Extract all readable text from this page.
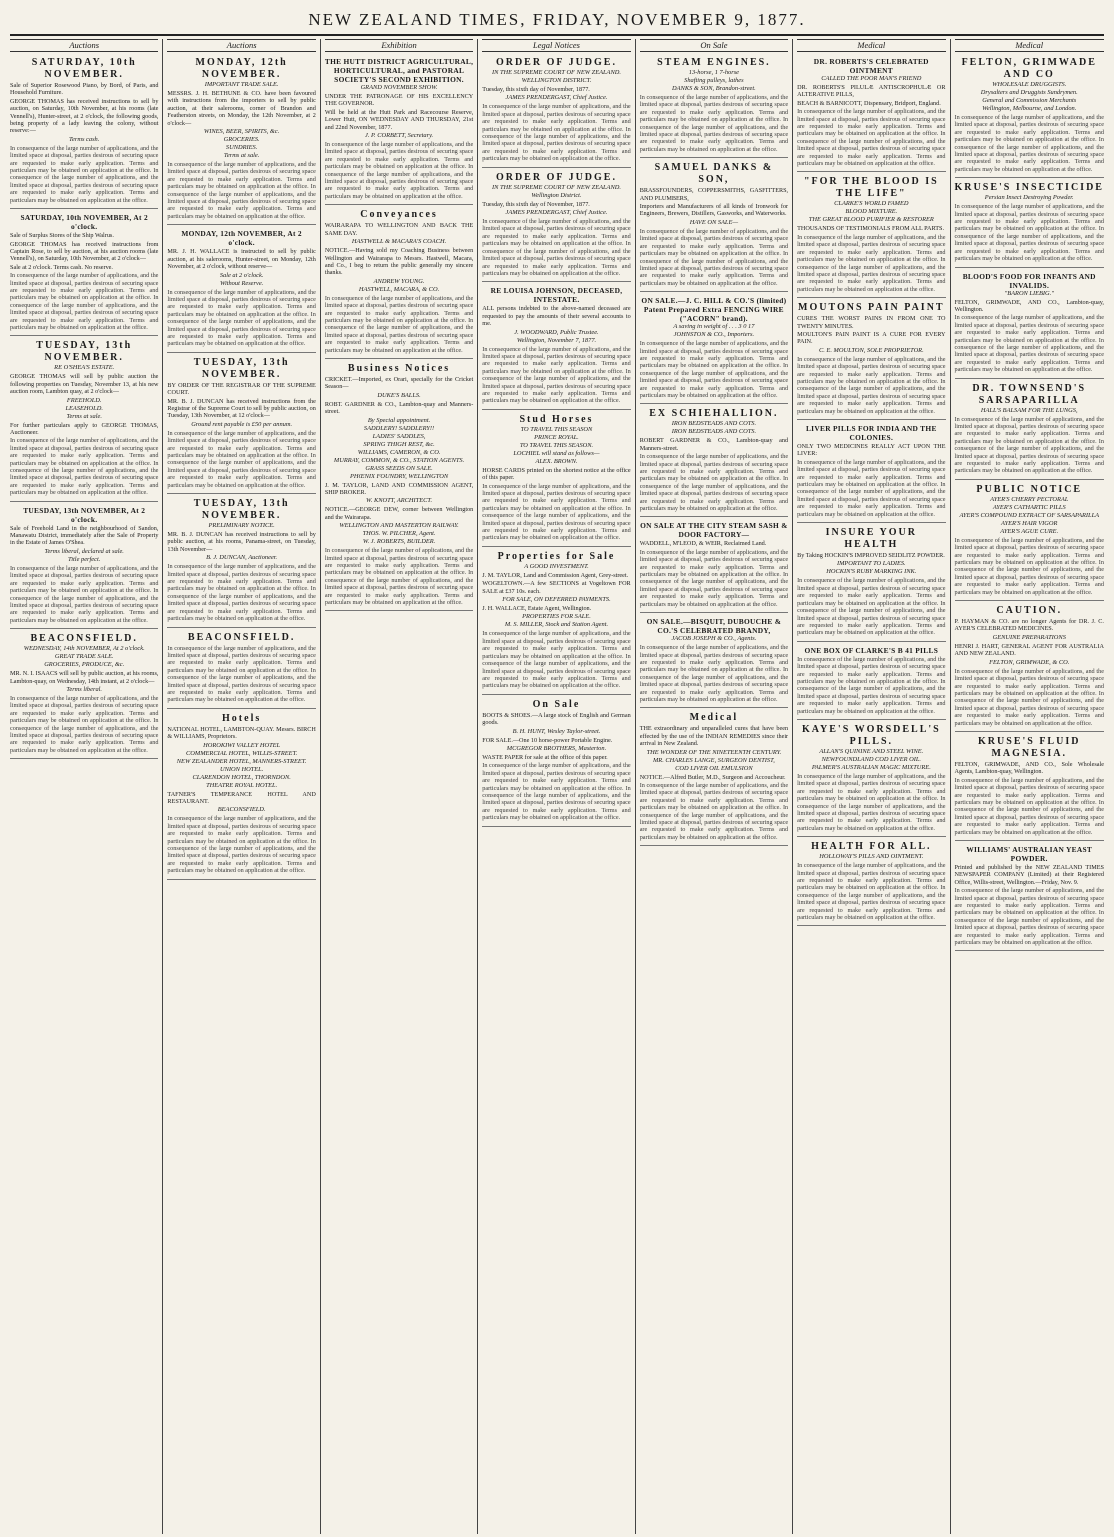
NEW ZEALAND TIMES, FRIDAY, NOVEMBER 9, 1877.
Auctions
SATURDAY, 10th NOVEMBER.
Sale of Superior Rosewood Piano, by Bord, of Paris, and Household Furniture.
GEORGE THOMAS has received instructions to sell by auction, on Saturday, 10th November, at his rooms (late Vennell's), Hunter-street, at 2 o'clock, the following goods, being property of a lady leaving the colony, without reserve:—
Terms cash.
In consequence of the large number of applications, and the limited space at disposal, parties desirous of securing space are requested to make early application. Terms and particulars may be obtained on application at the office. In consequence of the large number of applications, and the limited space at disposal, parties desirous of securing space are requested to make early application. Terms and particulars may be obtained on application at the office.
SATURDAY, 10th NOVEMBER, At 2 o'clock.
Sale of Surplus Stores of the Ship Walrus.
GEORGE THOMAS has received instructions from Captain Rose, to sell by auction, at his auction rooms (late Vennell's), on Saturday, 10th November, at 2 o'clock—
Sale at 2 o'clock. Terms cash. No reserve.
In consequence of the large number of applications, and the limited space at disposal, parties desirous of securing space are requested to make early application. Terms and particulars may be obtained on application at the office. In consequence of the large number of applications, and the limited space at disposal, parties desirous of securing space are requested to make early application. Terms and particulars may be obtained on application at the office.
TUESDAY, 13th NOVEMBER.
RE O'SHEA'S ESTATE.
GEORGE THOMAS will sell by public auction the following properties on Tuesday, November 13, at his new auction room, Lambton quay, at 2 o'clock—
FREEHOLD.
LEASEHOLD.
Terms at sale.
For further particulars apply to GEORGE THOMAS, Auctioneer.
In consequence of the large number of applications, and the limited space at disposal, parties desirous of securing space are requested to make early application. Terms and particulars may be obtained on application at the office. In consequence of the large number of applications, and the limited space at disposal, parties desirous of securing space are requested to make early application. Terms and particulars may be obtained on application at the office.
TUESDAY, 13th NOVEMBER, At 2 o'clock.
Sale of Freehold Land in the neighbourhood of Sandon, Manawatu District, immediately after the Sale of Property in the Estate of James O'Shea.
Terms liberal, declared at sale.
Title perfect.
In consequence of the large number of applications, and the limited space at disposal, parties desirous of securing space are requested to make early application. Terms and particulars may be obtained on application at the office. In consequence of the large number of applications, and the limited space at disposal, parties desirous of securing space are requested to make early application. Terms and particulars may be obtained on application at the office.
BEACONSFIELD.
WEDNESDAY, 14th NOVEMBER, At 2 o'clock.
GREAT TRADE SALE.
GROCERIES, PRODUCE, &c.
MR. N. I. ISAACS will sell by public auction, at his rooms, Lambton-quay, on Wednesday, 14th instant, at 2 o'clock—
Terms liberal.
In consequence of the large number of applications, and the limited space at disposal, parties desirous of securing space are requested to make early application. Terms and particulars may be obtained on application at the office. In consequence of the large number of applications, and the limited space at disposal, parties desirous of securing space are requested to make early application. Terms and particulars may be obtained on application at the office.
Auctions
MONDAY, 12th NOVEMBER.
IMPORTANT TRADE SALE.
MESSRS. J. H. BETHUNE & CO. have been favoured with instructions from the importers to sell by public auction, at their salerooms, corner of Brandon and Featherston streets, on Monday, the 12th November, at 2 o'clock—
WINES, BEER, SPIRITS, &c.
GROCERIES.
SUNDRIES.
Terms at sale.
In consequence of the large number of applications, and the limited space at disposal, parties desirous of securing space are requested to make early application. Terms and particulars may be obtained on application at the office. In consequence of the large number of applications, and the limited space at disposal, parties desirous of securing space are requested to make early application. Terms and particulars may be obtained on application at the office.
MONDAY, 12th NOVEMBER, At 2 o'clock.
MR. J. H. WALLACE is instructed to sell by public auction, at his salerooms, Hunter-street, on Monday, 12th November, at 2 o'clock, without reserve—
Sale at 2 o'clock.
Without Reserve.
In consequence of the large number of applications, and the limited space at disposal, parties desirous of securing space are requested to make early application. Terms and particulars may be obtained on application at the office. In consequence of the large number of applications, and the limited space at disposal, parties desirous of securing space are requested to make early application. Terms and particulars may be obtained on application at the office.
TUESDAY, 13th NOVEMBER.
BY ORDER OF THE REGISTRAR OF THE SUPREME COURT.
MR. B. J. DUNCAN has received instructions from the Registrar of the Supreme Court to sell by public auction, on Tuesday, 13th November, at 12 o'clock—
Ground rent payable is £50 per annum.
In consequence of the large number of applications, and the limited space at disposal, parties desirous of securing space are requested to make early application. Terms and particulars may be obtained on application at the office. In consequence of the large number of applications, and the limited space at disposal, parties desirous of securing space are requested to make early application. Terms and particulars may be obtained on application at the office.
TUESDAY, 13th NOVEMBER.
PRELIMINARY NOTICE.
MR. B. J. DUNCAN has received instructions to sell by public auction, at his rooms, Panama-street, on Tuesday, 13th November—
B. J. DUNCAN, Auctioneer.
In consequence of the large number of applications, and the limited space at disposal, parties desirous of securing space are requested to make early application. Terms and particulars may be obtained on application at the office. In consequence of the large number of applications, and the limited space at disposal, parties desirous of securing space are requested to make early application. Terms and particulars may be obtained on application at the office.
BEACONSFIELD.
In consequence of the large number of applications, and the limited space at disposal, parties desirous of securing space are requested to make early application. Terms and particulars may be obtained on application at the office. In consequence of the large number of applications, and the limited space at disposal, parties desirous of securing space are requested to make early application. Terms and particulars may be obtained on application at the office.
Hotels
NATIONAL HOTEL, LAMBTON-QUAY. Messrs. BIRCH & WILLIAMS, Proprietors.
HOROKIWI VALLEY HOTEL
COMMERCIAL HOTEL, WILLIS-STREET.
NEW ZEALANDER HOTEL, MANNERS-STREET.
UNION HOTEL.
CLARENDON HOTEL, THORNDON.
THEATRE ROYAL HOTEL.
TAFNER'S TEMPERANCE HOTEL AND RESTAURANT.
BEACONSFIELD.
In consequence of the large number of applications, and the limited space at disposal, parties desirous of securing space are requested to make early application. Terms and particulars may be obtained on application at the office. In consequence of the large number of applications, and the limited space at disposal, parties desirous of securing space are requested to make early application. Terms and particulars may be obtained on application at the office.
Exhibition
THE HUTT DISTRICT AGRICULTURAL, HORTICULTURAL, and PASTORAL SOCIETY'S SECOND EXHIBITION.
GRAND NOVEMBER SHOW.
UNDER THE PATRONAGE OF HIS EXCELLENCY THE GOVERNOR.
Will be held at the Hutt Park and Racecourse Reserve, Lower Hutt, ON WEDNESDAY AND THURSDAY, 21st and 22nd November, 1877.
J. P. CORBETT, Secretary.
In consequence of the large number of applications, and the limited space at disposal, parties desirous of securing space are requested to make early application. Terms and particulars may be obtained on application at the office. In consequence of the large number of applications, and the limited space at disposal, parties desirous of securing space are requested to make early application. Terms and particulars may be obtained on application at the office.
Conveyances
WAIRARAPA TO WELLINGTON AND BACK THE SAME DAY.
HASTWELL & MACARA'S COACH.
NOTICE.—Having sold my Coaching Business between Wellington and Wairarapa to Messrs. Hastwell, Macara, and Co., I beg to return the public generally my sincere thanks.
ANDREW YOUNG.
HASTWELL, MACARA, & CO.
In consequence of the large number of applications, and the limited space at disposal, parties desirous of securing space are requested to make early application. Terms and particulars may be obtained on application at the office. In consequence of the large number of applications, and the limited space at disposal, parties desirous of securing space are requested to make early application. Terms and particulars may be obtained on application at the office.
Business Notices
CRICKET.—Imported, ex Orari, specially for the Cricket Season—
DUKE'S BALLS.
ROBT. GARDNER & CO., Lambton-quay and Manners-street.
By Special appointment.
SADDLERY! SADDLERY!!
LADIES' SADDLES,
SPRING THIGH REST, &c.
WILLIAMS, CAMERON, & CO.
MURRAY, COMMON, & CO., STATION AGENTS.
GRASS SEEDS ON SALE.
PHŒNIX FOUNDRY, WELLINGTON
J. M. TAYLOR, LAND AND COMMISSION AGENT, SHIP BROKER.
W. KNOTT, ARCHITECT.
NOTICE.—GEORGE DEW, corner between Wellington and the Wairarapa.
WELLINGTON AND MASTERTON RAILWAY.
THOS. W. PILCHER, Agent.
W. J. ROBERTS, BUILDER.
In consequence of the large number of applications, and the limited space at disposal, parties desirous of securing space are requested to make early application. Terms and particulars may be obtained on application at the office. In consequence of the large number of applications, and the limited space at disposal, parties desirous of securing space are requested to make early application. Terms and particulars may be obtained on application at the office.
Legal Notices
ORDER OF JUDGE.
IN THE SUPREME COURT OF NEW ZEALAND.
WELLINGTON DISTRICT.
Tuesday, this sixth day of November, 1877.
JAMES PRENDERGAST, Chief Justice.
In consequence of the large number of applications, and the limited space at disposal, parties desirous of securing space are requested to make early application. Terms and particulars may be obtained on application at the office. In consequence of the large number of applications, and the limited space at disposal, parties desirous of securing space are requested to make early application. Terms and particulars may be obtained on application at the office.
ORDER OF JUDGE.
IN THE SUPREME COURT OF NEW ZEALAND.
Wellington District.
Tuesday, this sixth day of November, 1877.
JAMES PRENDERGAST, Chief Justice.
In consequence of the large number of applications, and the limited space at disposal, parties desirous of securing space are requested to make early application. Terms and particulars may be obtained on application at the office. In consequence of the large number of applications, and the limited space at disposal, parties desirous of securing space are requested to make early application. Terms and particulars may be obtained on application at the office.
RE LOUISA JOHNSON, DECEASED, INTESTATE.
ALL persons indebted to the above-named deceased are requested to pay the amounts of their several accounts to me.
J. WOODWARD, Public Trustee.
Wellington, November 7, 1877.
In consequence of the large number of applications, and the limited space at disposal, parties desirous of securing space are requested to make early application. Terms and particulars may be obtained on application at the office. In consequence of the large number of applications, and the limited space at disposal, parties desirous of securing space are requested to make early application. Terms and particulars may be obtained on application at the office.
Stud Horses
TO TRAVEL THIS SEASON
PRINCE ROYAL.
TO TRAVEL THIS SEASON.
LOCHIEL will stand as follows—
ALEX. BROWN.
HORSE CARDS printed on the shortest notice at the office of this paper.
In consequence of the large number of applications, and the limited space at disposal, parties desirous of securing space are requested to make early application. Terms and particulars may be obtained on application at the office. In consequence of the large number of applications, and the limited space at disposal, parties desirous of securing space are requested to make early application. Terms and particulars may be obtained on application at the office.
Properties for Sale
A GOOD INVESTMENT.
J. M. TAYLOR, Land and Commission Agent, Grey-street.
WOGELTOWN.—A few SECTIONS at Vogeltown FOR SALE at £37 10s. each.
FOR SALE, ON DEFERRED PAYMENTS.
J. H. WALLACE, Estate Agent, Wellington.
PROPERTIES FOR SALE.
M. S. MILLER, Stock and Station Agent.
In consequence of the large number of applications, and the limited space at disposal, parties desirous of securing space are requested to make early application. Terms and particulars may be obtained on application at the office. In consequence of the large number of applications, and the limited space at disposal, parties desirous of securing space are requested to make early application. Terms and particulars may be obtained on application at the office.
On Sale
BOOTS & SHOES.—A large stock of English and German goods.
B. H. HUNT, Wesley Taylor-street.
FOR SALE.—One 10 horse-power Portable Engine.
MCGREGOR BROTHERS, Masterton.
WASTE PAPER for sale at the office of this paper.
In consequence of the large number of applications, and the limited space at disposal, parties desirous of securing space are requested to make early application. Terms and particulars may be obtained on application at the office. In consequence of the large number of applications, and the limited space at disposal, parties desirous of securing space are requested to make early application. Terms and particulars may be obtained on application at the office.
On Sale
STEAM ENGINES.
13-horse, 1 7-horse
Shafting pulleys, lathes
DANKS & SON, Brandon-street.
In consequence of the large number of applications, and the limited space at disposal, parties desirous of securing space are requested to make early application. Terms and particulars may be obtained on application at the office. In consequence of the large number of applications, and the limited space at disposal, parties desirous of securing space are requested to make early application. Terms and particulars may be obtained on application at the office.
SAMUEL DANKS & SON,
BRASSFOUNDERS, COPPERSMITHS, GASFITTERS, AND PLUMBERS,
Importers and Manufacturers of all kinds of Ironwork for Engineers, Brewers, Distillers, Gasworks, and Waterworks.
HAVE ON SALE—
In consequence of the large number of applications, and the limited space at disposal, parties desirous of securing space are requested to make early application. Terms and particulars may be obtained on application at the office. In consequence of the large number of applications, and the limited space at disposal, parties desirous of securing space are requested to make early application. Terms and particulars may be obtained on application at the office.
ON SALE.—J. C. HILL & CO.'S (limited) Patent Prepared Extra FENCING WIRE ("ACORN" brand).
A saving in weight of . . . 3 0 17
JOHNSTON & CO., Importers.
In consequence of the large number of applications, and the limited space at disposal, parties desirous of securing space are requested to make early application. Terms and particulars may be obtained on application at the office. In consequence of the large number of applications, and the limited space at disposal, parties desirous of securing space are requested to make early application. Terms and particulars may be obtained on application at the office.
EX SCHIEHALLION.
IRON BEDSTEADS AND COTS.
IRON BEDSTEADS AND COTS.
ROBERT GARDNER & CO., Lambton-quay and Manners-street.
In consequence of the large number of applications, and the limited space at disposal, parties desirous of securing space are requested to make early application. Terms and particulars may be obtained on application at the office. In consequence of the large number of applications, and the limited space at disposal, parties desirous of securing space are requested to make early application. Terms and particulars may be obtained on application at the office.
ON SALE AT THE CITY STEAM SASH & DOOR FACTORY—
WADDELL, M'LEOD, & WEIR, Reclaimed Land.
In consequence of the large number of applications, and the limited space at disposal, parties desirous of securing space are requested to make early application. Terms and particulars may be obtained on application at the office. In consequence of the large number of applications, and the limited space at disposal, parties desirous of securing space are requested to make early application. Terms and particulars may be obtained on application at the office.
ON SALE.—BISQUIT, DUBOUCHE & CO.'S CELEBRATED BRANDY,
JACOB JOSEPH & CO., Agents.
In consequence of the large number of applications, and the limited space at disposal, parties desirous of securing space are requested to make early application. Terms and particulars may be obtained on application at the office. In consequence of the large number of applications, and the limited space at disposal, parties desirous of securing space are requested to make early application. Terms and particulars may be obtained on application at the office.
Medical
THE extraordinary and unparalleled cures that have been effected by the use of the INDIAN REMEDIES since their arrival in New Zealand.
THE WONDER OF THE NINETEENTH CENTURY.
MR. CHARLES LANGE, SURGEON DENTIST,
COD LIVER OIL EMULSION
NOTICE.—Alfred Butler, M.D., Surgeon and Accoucheur.
In consequence of the large number of applications, and the limited space at disposal, parties desirous of securing space are requested to make early application. Terms and particulars may be obtained on application at the office. In consequence of the large number of applications, and the limited space at disposal, parties desirous of securing space are requested to make early application. Terms and particulars may be obtained on application at the office.
Medical
DR. ROBERTS'S CELEBRATED OINTMENT
CALLED THE POOR MAN'S FRIEND
DR. ROBERTS'S PILULÆ ANTISCROPHULÆ OR ALTERATIVE PILLS,
BEACH & BARNICOTT, Dispensary, Bridport, England.
In consequence of the large number of applications, and the limited space at disposal, parties desirous of securing space are requested to make early application. Terms and particulars may be obtained on application at the office. In consequence of the large number of applications, and the limited space at disposal, parties desirous of securing space are requested to make early application. Terms and particulars may be obtained on application at the office.
"FOR THE BLOOD IS THE LIFE"
CLARKE'S WORLD FAMED
BLOOD MIXTURE.
THE GREAT BLOOD PURIFIER & RESTORER
THOUSANDS OF TESTIMONIALS FROM ALL PARTS.
In consequence of the large number of applications, and the limited space at disposal, parties desirous of securing space are requested to make early application. Terms and particulars may be obtained on application at the office. In consequence of the large number of applications, and the limited space at disposal, parties desirous of securing space are requested to make early application. Terms and particulars may be obtained on application at the office.
MOUTONS PAIN PAINT
CURES THE WORST PAINS IN FROM ONE TO TWENTY MINUTES.
MOULTON'S PAIN PAINT IS A CURE FOR EVERY PAIN.
C. E. MOULTON, SOLE PROPRIETOR.
In consequence of the large number of applications, and the limited space at disposal, parties desirous of securing space are requested to make early application. Terms and particulars may be obtained on application at the office. In consequence of the large number of applications, and the limited space at disposal, parties desirous of securing space are requested to make early application. Terms and particulars may be obtained on application at the office.
LIVER PILLS FOR INDIA AND THE COLONIES.
ONLY TWO MEDICINES REALLY ACT UPON THE LIVER:
In consequence of the large number of applications, and the limited space at disposal, parties desirous of securing space are requested to make early application. Terms and particulars may be obtained on application at the office. In consequence of the large number of applications, and the limited space at disposal, parties desirous of securing space are requested to make early application. Terms and particulars may be obtained on application at the office.
INSURE YOUR HEALTH
By Taking HOCKIN'S IMPROVED SEIDLITZ POWDER.
IMPORTANT TO LADIES.
HOCKIN'S RUBY MARKING INK.
In consequence of the large number of applications, and the limited space at disposal, parties desirous of securing space are requested to make early application. Terms and particulars may be obtained on application at the office. In consequence of the large number of applications, and the limited space at disposal, parties desirous of securing space are requested to make early application. Terms and particulars may be obtained on application at the office.
ONE BOX OF CLARKE'S B 41 PILLS
In consequence of the large number of applications, and the limited space at disposal, parties desirous of securing space are requested to make early application. Terms and particulars may be obtained on application at the office. In consequence of the large number of applications, and the limited space at disposal, parties desirous of securing space are requested to make early application. Terms and particulars may be obtained on application at the office.
KAYE'S WORSDELL'S PILLS.
ALLAN'S QUININE AND STEEL WINE.
NEWFOUNDLAND COD LIVER OIL.
PALMER'S AUSTRALIAN MAGIC MIXTURE.
In consequence of the large number of applications, and the limited space at disposal, parties desirous of securing space are requested to make early application. Terms and particulars may be obtained on application at the office. In consequence of the large number of applications, and the limited space at disposal, parties desirous of securing space are requested to make early application. Terms and particulars may be obtained on application at the office.
HEALTH FOR ALL.
HOLLOWAY'S PILLS AND OINTMENT.
In consequence of the large number of applications, and the limited space at disposal, parties desirous of securing space are requested to make early application. Terms and particulars may be obtained on application at the office. In consequence of the large number of applications, and the limited space at disposal, parties desirous of securing space are requested to make early application. Terms and particulars may be obtained on application at the office.
Medical
FELTON, GRIMWADE AND CO
WHOLESALE DRUGGISTS.
Drysalters and Druggists Sundrymen.
General and Commission Merchants
Wellington, Melbourne, and London.
In consequence of the large number of applications, and the limited space at disposal, parties desirous of securing space are requested to make early application. Terms and particulars may be obtained on application at the office. In consequence of the large number of applications, and the limited space at disposal, parties desirous of securing space are requested to make early application. Terms and particulars may be obtained on application at the office.
KRUSE'S INSECTICIDE
Persian Insect Destroying Powder.
In consequence of the large number of applications, and the limited space at disposal, parties desirous of securing space are requested to make early application. Terms and particulars may be obtained on application at the office. In consequence of the large number of applications, and the limited space at disposal, parties desirous of securing space are requested to make early application. Terms and particulars may be obtained on application at the office.
BLOOD'S FOOD FOR INFANTS AND INVALIDS.
"BARON LIEBIG."
FELTON, GRIMWADE, AND CO., Lambton-quay, Wellington.
In consequence of the large number of applications, and the limited space at disposal, parties desirous of securing space are requested to make early application. Terms and particulars may be obtained on application at the office. In consequence of the large number of applications, and the limited space at disposal, parties desirous of securing space are requested to make early application. Terms and particulars may be obtained on application at the office.
DR. TOWNSEND'S SARSAPARILLA
HALL'S BALSAM FOR THE LUNGS,
In consequence of the large number of applications, and the limited space at disposal, parties desirous of securing space are requested to make early application. Terms and particulars may be obtained on application at the office. In consequence of the large number of applications, and the limited space at disposal, parties desirous of securing space are requested to make early application. Terms and particulars may be obtained on application at the office.
PUBLIC NOTICE
AYER'S CHERRY PECTORAL
AYER'S CATHARTIC PILLS
AYER'S COMPOUND EXTRACT OF SARSAPARILLA
AYER'S HAIR VIGOR
AYER'S AGUE CURE.
In consequence of the large number of applications, and the limited space at disposal, parties desirous of securing space are requested to make early application. Terms and particulars may be obtained on application at the office. In consequence of the large number of applications, and the limited space at disposal, parties desirous of securing space are requested to make early application. Terms and particulars may be obtained on application at the office.
CAUTION.
P. HAYMAN & CO. are no longer Agents for DR. J. C. AYER'S CELEBRATED MEDICINES.
GENUINE PREPARATIONS
HENRI J. HART, GENERAL AGENT FOR AUSTRALIA AND NEW ZEALAND.
FELTON, GRIMWADE, & CO.
In consequence of the large number of applications, and the limited space at disposal, parties desirous of securing space are requested to make early application. Terms and particulars may be obtained on application at the office. In consequence of the large number of applications, and the limited space at disposal, parties desirous of securing space are requested to make early application. Terms and particulars may be obtained on application at the office.
KRUSE'S FLUID MAGNESIA.
FELTON, GRIMWADE, AND CO., Sole Wholesale Agents, Lambton-quay, Wellington.
In consequence of the large number of applications, and the limited space at disposal, parties desirous of securing space are requested to make early application. Terms and particulars may be obtained on application at the office. In consequence of the large number of applications, and the limited space at disposal, parties desirous of securing space are requested to make early application. Terms and particulars may be obtained on application at the office.
WILLIAMS' AUSTRALIAN YEAST POWDER.
Printed and published by the NEW ZEALAND TIMES NEWSPAPER COMPANY (Limited) at their Registered Office, Willis-street, Wellington.—Friday, Nov. 9.
In consequence of the large number of applications, and the limited space at disposal, parties desirous of securing space are requested to make early application. Terms and particulars may be obtained on application at the office. In consequence of the large number of applications, and the limited space at disposal, parties desirous of securing space are requested to make early application. Terms and particulars may be obtained on application at the office.
